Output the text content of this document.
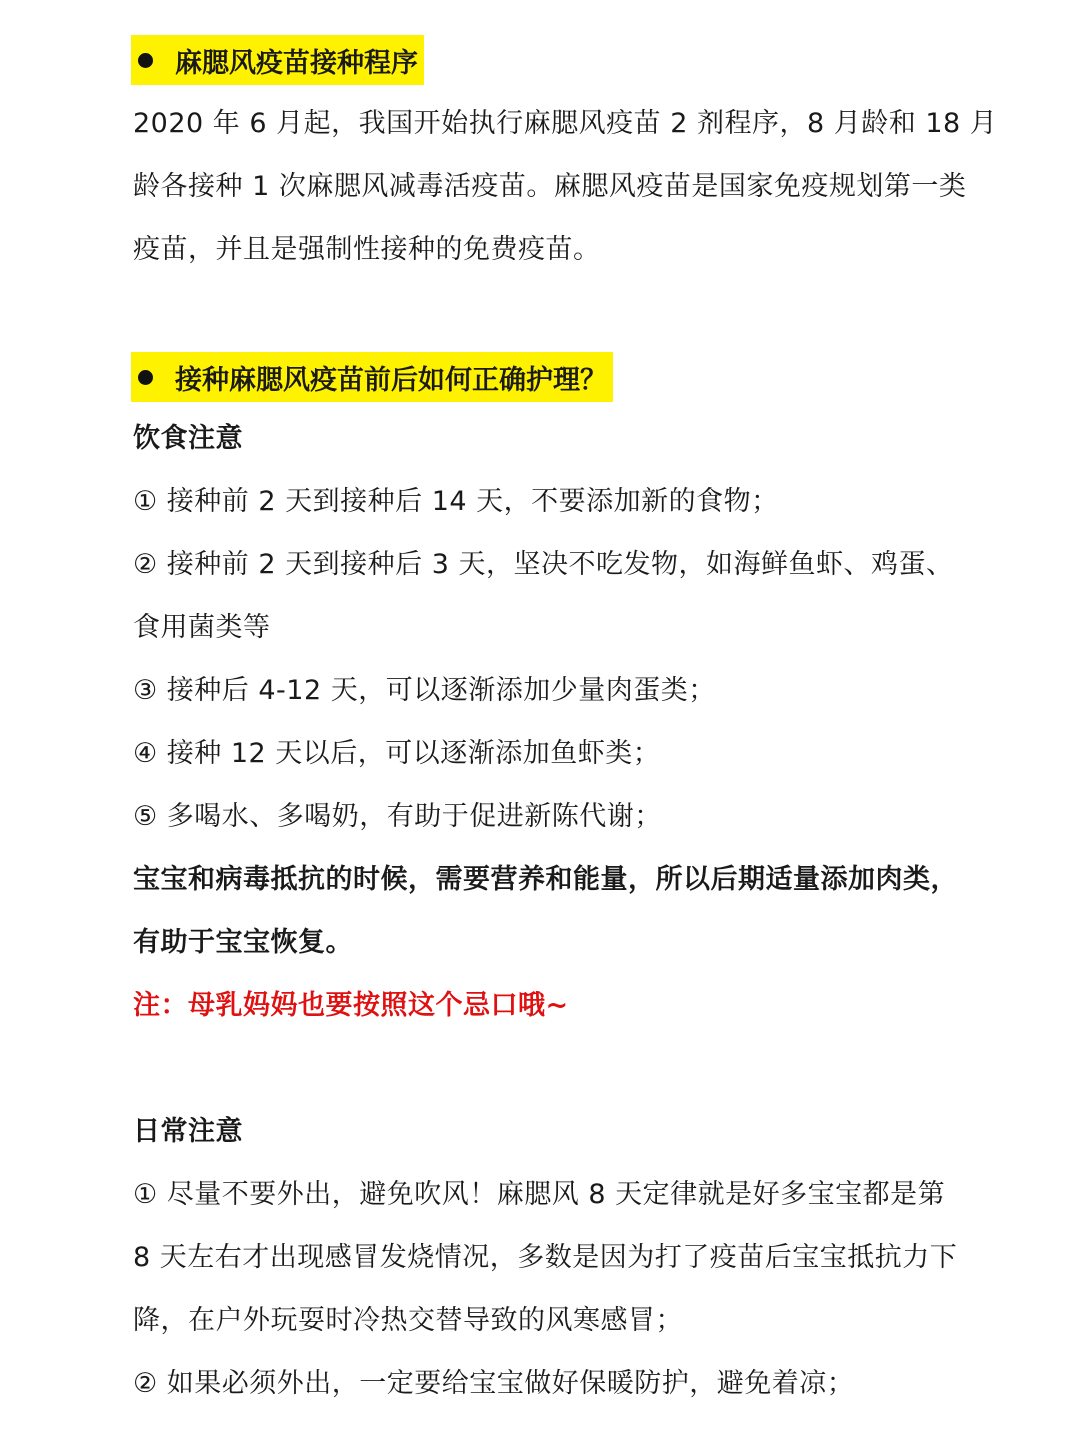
麻腮风疫苗接种程序
2020 年 6 月起，我国开始执行麻腮风疫苗 2 剂程序，8 月龄和 18 月
龄各接种 1 次麻腮风减毒活疫苗。麻腮风疫苗是国家免疫规划第一类
疫苗，并且是强制性接种的免费疫苗。
接种麻腮风疫苗前后如何正确护理？
饮食注意
① 接种前 2 天到接种后 14 天，不要添加新的食物；
② 接种前 2 天到接种后 3 天，坚决不吃发物，如海鲜鱼虾、鸡蛋、
食用菌类等
③ 接种后 4-12 天，可以逐渐添加少量肉蛋类；
④ 接种 12 天以后，可以逐渐添加鱼虾类；
⑤ 多喝水、多喝奶，有助于促进新陈代谢；
宝宝和病毒抵抗的时候，需要营养和能量，所以后期适量添加肉类，
有助于宝宝恢复。
注：母乳妈妈也要按照这个忌口哦~
日常注意
① 尽量不要外出，避免吹风！麻腮风 8 天定律就是好多宝宝都是第
8 天左右才出现感冒发烧情况，多数是因为打了疫苗后宝宝抵抗力下
降，在户外玩耍时冷热交替导致的风寒感冒；
② 如果必须外出，一定要给宝宝做好保暖防护，避免着凉；
